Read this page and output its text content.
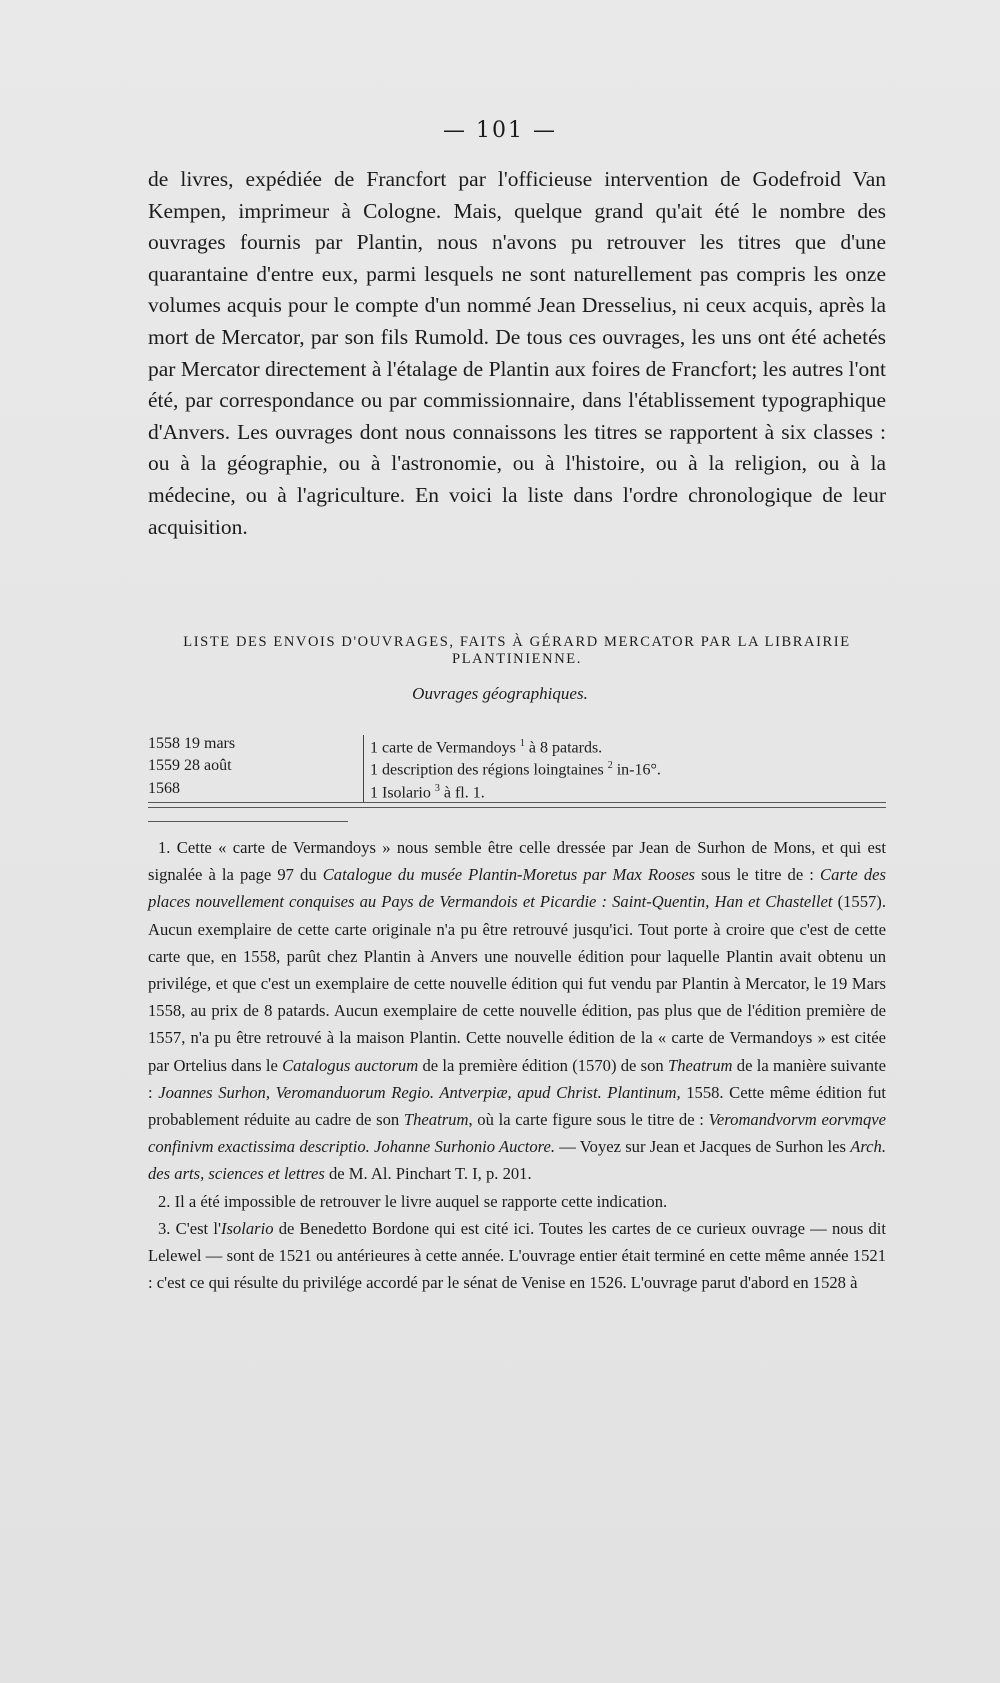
— 101 —

de livres, expédiée de Francfort par l'officieuse intervention de Godefroid Van Kempen, imprimeur à Cologne. Mais, quelque grand qu'ait été le nombre des ouvrages fournis par Plantin, nous n'avons pu retrouver les titres que d'une quarantaine d'entre eux, parmi lesquels ne sont naturellement pas compris les onze volumes acquis pour le compte d'un nommé Jean Dresselius, ni ceux acquis, après la mort de Mercator, par son fils Rumold. De tous ces ouvrages, les uns ont été achetés par Mercator directement à l'étalage de Plantin aux foires de Francfort; les autres l'ont été, par correspondance ou par commissionnaire, dans l'établissement typographique d'Anvers. Les ouvrages dont nous connaissons les titres se rapportent à six classes : ou à la géographie, ou à l'astronomie, ou à l'histoire, ou à la religion, ou à la médecine, ou à l'agriculture. En voici la liste dans l'ordre chronologique de leur acquisition.

LISTE DES ENVOIS D'OUVRAGES, FAITS À GÉRARD MERCATOR PAR LA LIBRAIRIE PLANTINIENNE.
Ouvrages géographiques.
1558 19 mars	1 carte de Vermandoys $^1$ à 8 patards.
1559 28 août	1 description des régions loingtaines $^2$ in-16°.
1568	1 Isolario $^3$ à fl. 1.

1. Cette « carte de Vermandoys » nous semble être celle dressée par Jean de Surhon de Mons, et qui est signalée à la page 97 du Catalogue du musée Plantin-Moretus par Max Rooses sous le titre de : Carte des places nouvellement conquises au Pays de Vermandois et Picardie : Saint-Quentin, Han et Chastellet (1557). Aucun exemplaire de cette carte originale n'a pu être retrouvé jusqu'ici. Tout porte à croire que c'est de cette carte que, en 1558, parût chez Plantin à Anvers une nouvelle édition pour laquelle Plantin avait obtenu un privilége, et que c'est un exemplaire de cette nouvelle édition qui fut vendu par Plantin à Mercator, le 19 Mars 1558, au prix de 8 patards. Aucun exemplaire de cette nouvelle édition, pas plus que de l'édition première de 1557, n'a pu être retrouvé à la maison Plantin. Cette nouvelle édition de la « carte de Vermandoys » est citée par Ortelius dans le Catalogus auctorum de la première édition (1570) de son Theatrum de la manière suivante : Joannes Surhon, Veromanduorum Regio. Antverpiæ, apud Christ. Plantinum, 1558. Cette même édition fut probablement réduite au cadre de son Theatrum, où la carte figure sous le titre de : Veromandvorvm eorvmqve confinivm exactissima descriptio. Johanne Surhonio Auctore. — Voyez sur Jean et Jacques de Surhon les Arch. des arts, sciences et lettres de M. Al. Pinchart T. I, p. 201.

2. Il a été impossible de retrouver le livre auquel se rapporte cette indication.

3. C'est l'Isolario de Benedetto Bordone qui est cité ici. Toutes les cartes de ce curieux ouvrage — nous dit Lelewel — sont de 1521 ou antérieures à cette année. L'ouvrage entier était terminé en cette même année 1521 : c'est ce qui résulte du privilége accordé par le sénat de Venise en 1526. L'ouvrage parut d'abord en 1528 à
